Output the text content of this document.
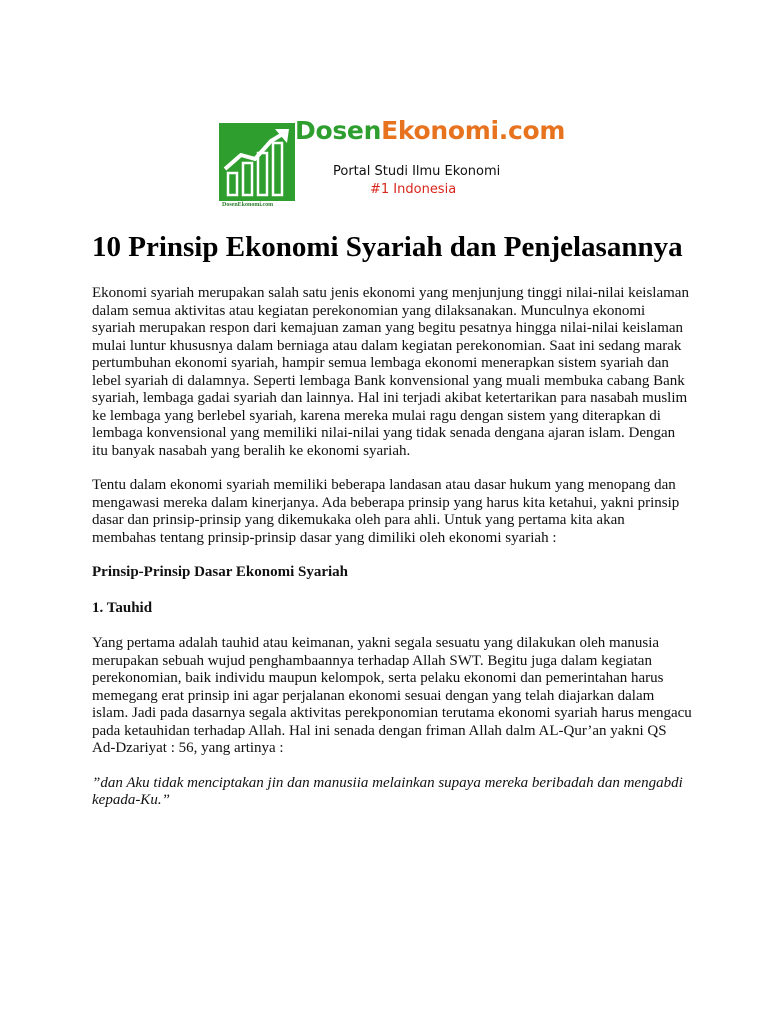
DosenEkonomi.com
DosenEkonomi.com
Portal Studi Ilmu Ekonomi
#1 Indonesia
10 Prinsip Ekonomi Syariah dan Penjelasannya

Ekonomi syariah merupakan salah satu jenis ekonomi yang menjunjung tinggi nilai-nilai keislaman dalam semua aktivitas atau kegiatan perekonomian yang dilaksanakan. Munculnya ekonomi syariah merupakan respon dari kemajuan zaman yang begitu pesatnya hingga nilai-nilai keislaman mulai luntur khususnya dalam berniaga atau dalam kegiatan perekonomian. Saat ini sedang marak pertumbuhan ekonomi syariah, hampir semua lembaga ekonomi menerapkan sistem syariah dan lebel syariah di dalamnya. Seperti lembaga Bank konvensional yang muali membuka cabang Bank syariah, lembaga gadai syariah dan lainnya. Hal ini terjadi akibat ketertarikan para nasabah muslim ke lembaga yang berlebel syariah, karena mereka mulai ragu dengan sistem yang diterapkan di lembaga konvensional yang memiliki nilai-nilai yang tidak senada dengana ajaran islam. Dengan itu banyak nasabah yang beralih ke ekonomi syariah.

Tentu dalam ekonomi syariah memiliki beberapa landasan atau dasar hukum yang menopang dan mengawasi mereka dalam kinerjanya. Ada beberapa prinsip yang harus kita ketahui, yakni prinsip dasar dan prinsip-prinsip yang dikemukaka oleh para ahli. Untuk yang pertama kita akan membahas tentang prinsip-prinsip dasar yang dimiliki oleh ekonomi syariah :

Prinsip-Prinsip Dasar Ekonomi Syariah

1. Tauhid

Yang pertama adalah tauhid atau keimanan, yakni segala sesuatu yang dilakukan oleh manusia merupakan sebuah wujud penghambaannya terhadap Allah SWT. Begitu juga dalam kegiatan perekonomian, baik individu maupun kelompok, serta pelaku ekonomi dan pemerintahan harus memegang erat prinsip ini agar perjalanan ekonomi sesuai dengan yang telah diajarkan dalam islam. Jadi pada dasarnya segala aktivitas perekponomian terutama ekonomi syariah harus mengacu pada ketauhidan terhadap Allah. Hal ini senada dengan friman Allah dalm AL-Qur’an yakni QS Ad-Dzariyat : 56, yang artinya :

”dan Aku tidak menciptakan jin dan manusiia melainkan supaya mereka beribadah dan mengabdi kepada-Ku.”
